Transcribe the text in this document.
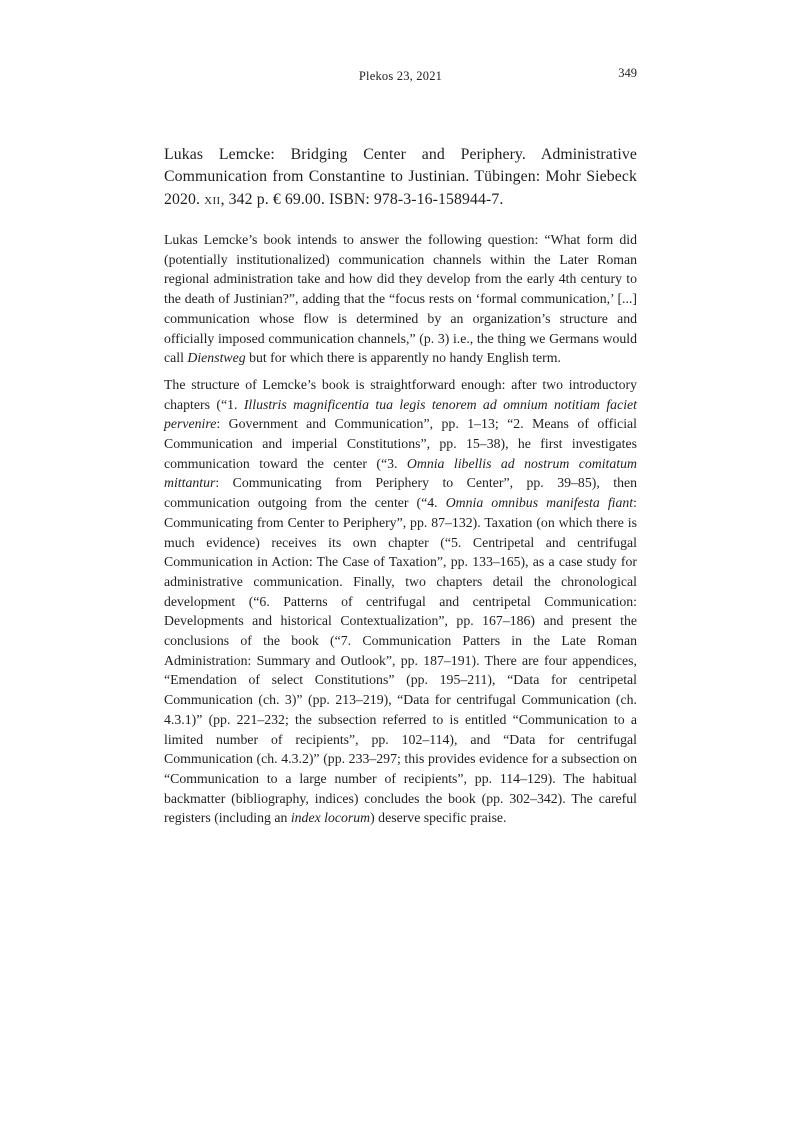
Plekos 23, 2021	349
Lukas Lemcke: Bridging Center and Periphery. Administrative Communication from Constantine to Justinian. Tübingen: Mohr Siebeck 2020. xii, 342 p. € 69.00. ISBN: 978-3-16-158944-7.

Lukas Lemcke’s book intends to answer the following question: “What form did (potentially institutionalized) communication channels within the Later Roman regional administration take and how did they develop from the early 4th century to the death of Justinian?”, adding that the “focus rests on ‘formal communication,’ [...] communication whose flow is determined by an organization’s structure and officially imposed communication channels,” (p. 3) i.e., the thing we Germans would call Dienstweg but for which there is apparently no handy English term.

The structure of Lemcke’s book is straightforward enough: after two introductory chapters (“1. Illustris magnificentia tua legis tenorem ad omnium notitiam faciet pervenire: Government and Communication”, pp. 1–13; “2. Means of official Communication and imperial Constitutions”, pp. 15–38), he first investigates communication toward the center (“3. Omnia libellis ad nostrum comitatum mittantur: Communicating from Periphery to Center”, pp. 39–85), then communication outgoing from the center (“4. Omnia omnibus manifesta fiant: Communicating from Center to Periphery”, pp. 87–132). Taxation (on which there is much evidence) receives its own chapter (“5. Centripetal and centrifugal Communication in Action: The Case of Taxation”, pp. 133–165), as a case study for administrative communication. Finally, two chapters detail the chronological development (“6. Patterns of centrifugal and centripetal Communication: Developments and historical Contextualization”, pp. 167–186) and present the conclusions of the book (“7. Communication Patters in the Late Roman Administration: Summary and Outlook”, pp. 187–191). There are four appendices, “Emendation of select Constitutions” (pp. 195–211), “Data for centripetal Communication (ch. 3)” (pp. 213–219), “Data for centrifugal Communication (ch. 4.3.1)” (pp. 221–232; the subsection referred to is entitled “Communication to a limited number of recipients”, pp. 102–114), and “Data for centrifugal Communication (ch. 4.3.2)” (pp. 233–297; this provides evidence for a subsection on “Communication to a large number of recipients”, pp. 114–129). The habitual backmatter (bibliography, indices) concludes the book (pp. 302–342). The careful registers (including an index locorum) deserve specific praise.
